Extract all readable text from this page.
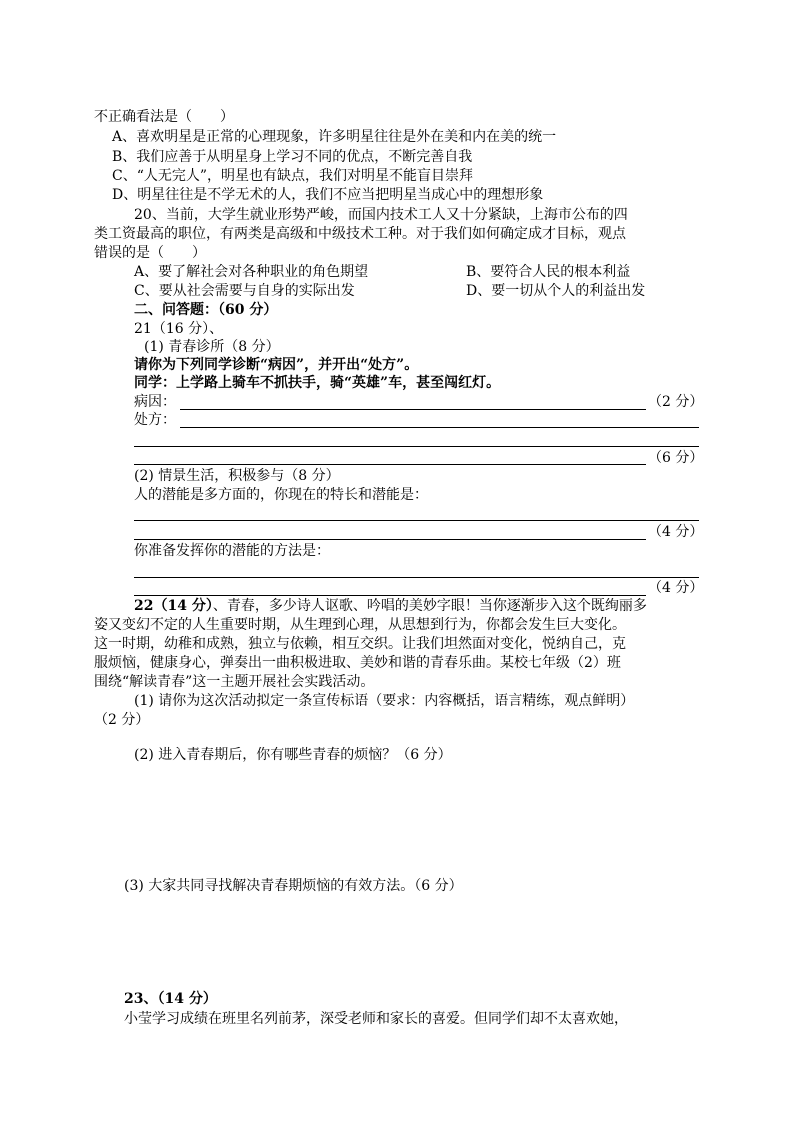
不正确看法是（　　）
A、喜欢明星是正常的心理现象，许多明星往往是外在美和内在美的统一
B、我们应善于从明星身上学习不同的优点，不断完善自我
C、“人无完人”，明星也有缺点，我们对明星不能盲目崇拜
D、明星往往是不学无术的人，我们不应当把明星当成心中的理想形象
20、当前，大学生就业形势严峻，而国内技术工人又十分紧缺，上海市公布的四
类工资最高的职位，有两类是高级和中级技术工种。对于我们如何确定成才目标，观点
错误的是（　　）
A、要了解社会对各种职业的角色期望	B、要符合人民的根本利益
C、要从社会需要与自身的实际出发	D、要一切从个人的利益出发
二、问答题：（60 分）
21（16 分）、
(1) 青春诊所（8 分）
请你为下列同学诊断“病因”，并开出“处方”。
同学：上学路上骑车不抓扶手，骑“英雄”车，甚至闯红灯。
病因：	（2 分）
处方：
（6 分）
(2) 情景生活，积极参与（8 分）
人的潜能是多方面的，你现在的特长和潜能是：
（4 分）
你准备发挥你的潜能的方法是：
（4 分）
22（14 分）、青春，多少诗人讴歌、吟唱的美妙字眼！当你逐渐步入这个既绚丽多
姿又变幻不定的人生重要时期，从生理到心理，从思想到行为，你都会发生巨大变化。
这一时期，幼稚和成熟，独立与依赖，相互交织。让我们坦然面对变化，悦纳自己，克
服烦恼，健康身心，弹奏出一曲积极进取、美妙和谐的青春乐曲。某校七年级（2）班
围绕“解读青春”这一主题开展社会实践活动。
(1) 请你为这次活动拟定一条宣传标语（要求：内容概括，语言精练，观点鲜明）
（2 分）
(2) 进入青春期后，你有哪些青春的烦恼？（6 分）
(3) 大家共同寻找解决青春期烦恼的有效方法。（6 分）
23、（14 分）
小莹学习成绩在班里名列前茅，深受老师和家长的喜爱。但同学们却不太喜欢她，
